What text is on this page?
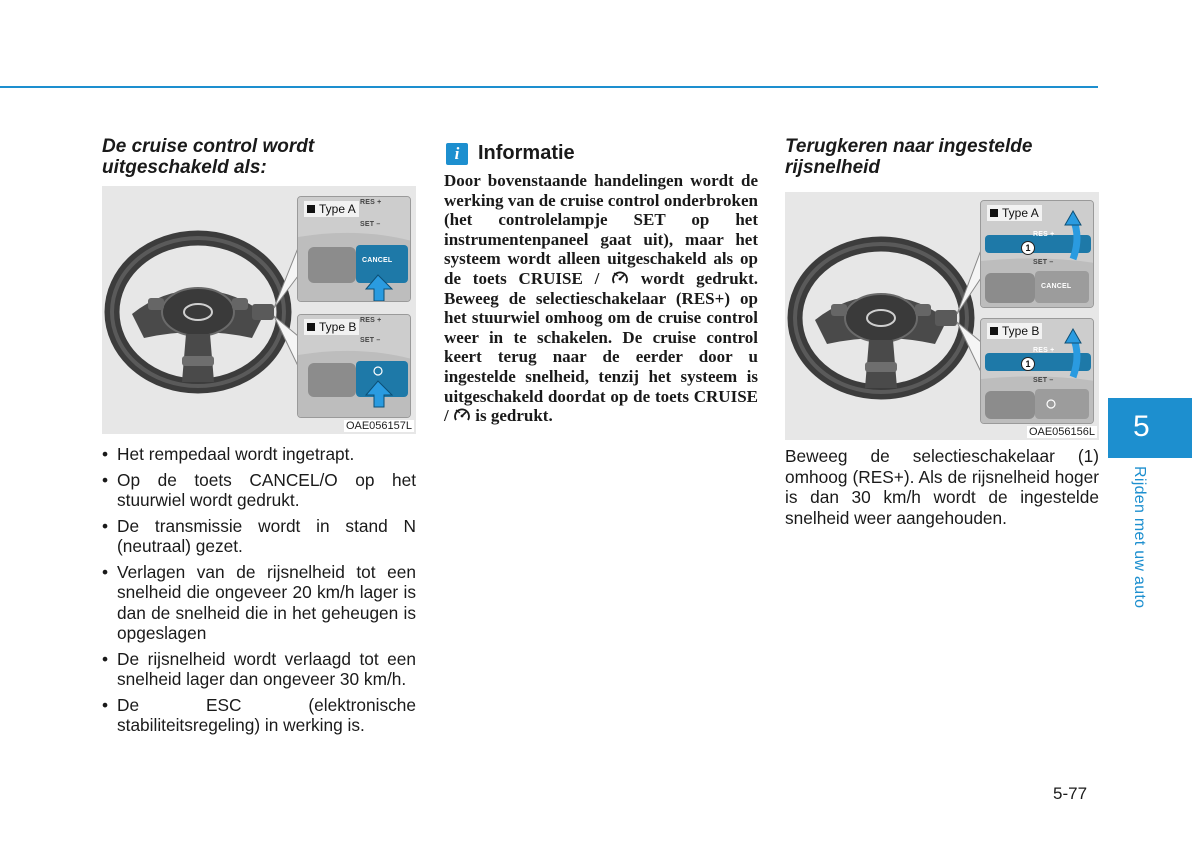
De cruise control wordt uitgeschakeld als:
Type A RES +
SET –
CANCEL
Type B RES +
SET –
OAE056157L
• Het rempedaal wordt ingetrapt.
• Op de toets CANCEL/O op het stuurwiel wordt gedrukt.
• De transmissie wordt in stand N (neutraal) gezet.
• Verlagen van de rijsnelheid tot een snelheid die ongeveer 20 km/h lager is dan de snelheid die in het geheugen is opgeslagen
• De rijsnelheid wordt verlaagd tot een snelheid lager dan ongeveer 30 km/h.
• De ESC (elektronische stabiliteitsregeling) in werking is.
i Informatie
Door bovenstaande handelingen wordt de werking van de cruise control onderbroken (het controlelampje SET op het instrumentenpaneel gaat uit), maar het systeem wordt alleen uitgeschakeld als op de toets CRUISE / wordt gedrukt. Beweeg de selectieschakelaar (RES+) op het stuurwiel omhoog om de cruise control weer in te schakelen. De cruise control keert terug naar de eerder door u ingestelde snelheid, tenzij het systeem is uitgeschakeld doordat op de toets CRUISE / is gedrukt.
Terugkeren naar ingestelde rijsnelheid
Type A
RES +
SET –
CANCEL
1
Type B
RES +
SET –
1
OAE056156L
Beweeg de selectieschakelaar (1) omhoog (RES+). Als de rijsnelheid hoger is dan 30 km/h wordt de ingestelde snelheid weer aangehouden.
5
Rijden met uw auto
5-77
